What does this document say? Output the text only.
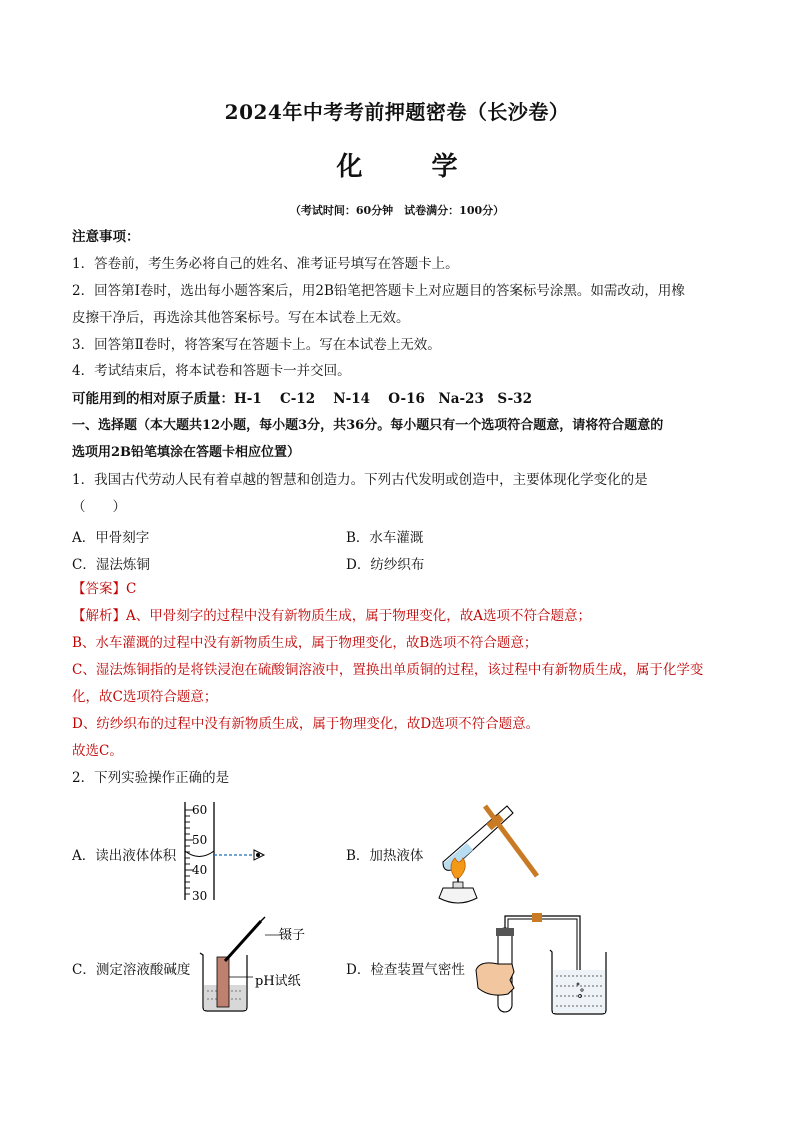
2024年中考考前押题密卷（长沙卷）
化 学
（考试时间：60分钟　试卷满分：100分）
注意事项：
1．答卷前，考生务必将自己的姓名、准考证号填写在答题卡上。
2．回答第Ⅰ卷时，选出每小题答案后，用2B铅笔把答题卡上对应题目的答案标号涂黑。如需改动，用橡
皮擦干净后，再选涂其他答案标号。写在本试卷上无效。
3．回答第Ⅱ卷时，将答案写在答题卡上。写在本试卷上无效。
4．考试结束后，将本试卷和答题卡一并交回。
可能用到的相对原子质量：H-1　 C-12　 N-14　 O-16　Na-23　S-32
一、选择题（本大题共12小题，每小题3分，共36分。每小题只有一个选项符合题意，请将符合题意的
选项用2B铅笔填涂在答题卡相应位置）
1．我国古代劳动人民有着卓越的智慧和创造力。下列古代发明或创造中，主要体现化学变化的是
（　　）
A．甲骨刻字	B．水车灌溉
C．湿法炼铜	D．纺纱织布
【答案】C
【解析】A、甲骨刻字的过程中没有新物质生成，属于物理变化，故A选项不符合题意；
B、水车灌溉的过程中没有新物质生成，属于物理变化，故B选项不符合题意；
C、湿法炼铜指的是将铁浸泡在硫酸铜溶液中，置换出单质铜的过程，该过程中有新物质生成，属于化学变
化，故C选项符合题意；
D、纺纱织布的过程中没有新物质生成，属于物理变化，故D选项不符合题意。
故选C。
2．下列实验操作正确的是
A．读出液体体积
60
50
40
30
B．加热液体
C．测定溶液酸碱度
镊子
pH试纸
D．检查装置气密性
